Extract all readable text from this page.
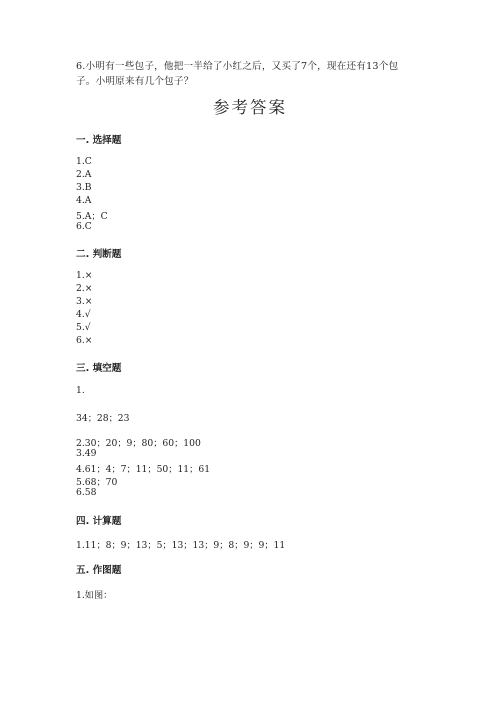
6.小明有一些包子，他把一半给了小红之后，又买了7个，现在还有13个包
子。小明原来有几个包子？
参考答案
一. 选择题
1.C
2.A
3.B
4.A
5.A；C
6.C
二. 判断题
1.×
2.×
3.×
4.√
5.√
6.×
三. 填空题
1.
34；28；23
2.30；20；9；80；60；100
3.49
4.61；4；7；11；50；11；61
5.68；70
6.58
四. 计算题
1.11；8；9；13；5；13；13；9；8；9；9；11
五. 作图题
1.如图：
